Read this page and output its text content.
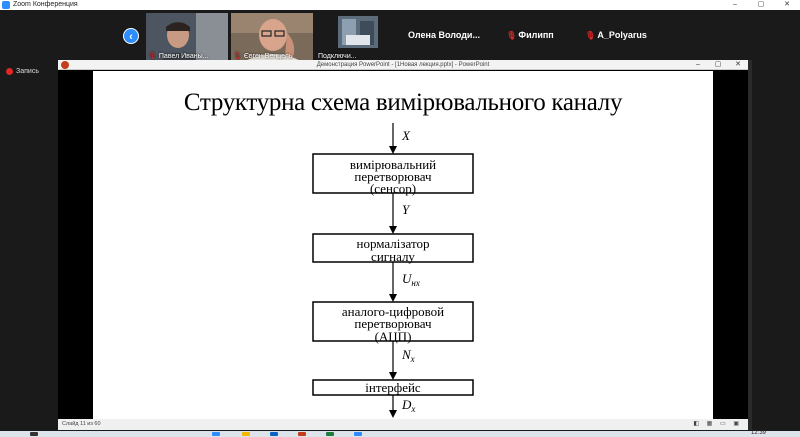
Zoom Конференция	–	▢	✕
‹
🎙 Павел Иваны...	🎙 Євген Венцель	Подключи...
Олена Володи...	🎙 Филипп	🎙 A_Polyarus
Запись
Демонстрация PowerPoint - [1Новая лекция.pptx] - PowerPoint	–	▢	✕
Структурна схема вимірювального каналу
вимірювальний
перетворювач
(сенсор)
нормалізатор
сигналу
аналого-цифровой
перетворювач
(АЦП)
інтерфейс
X
Y
$U_{нх}$
$N_x$
$D_x$
Слайд 11 из 60	◧ ▦ ▭ ▣
12:39
